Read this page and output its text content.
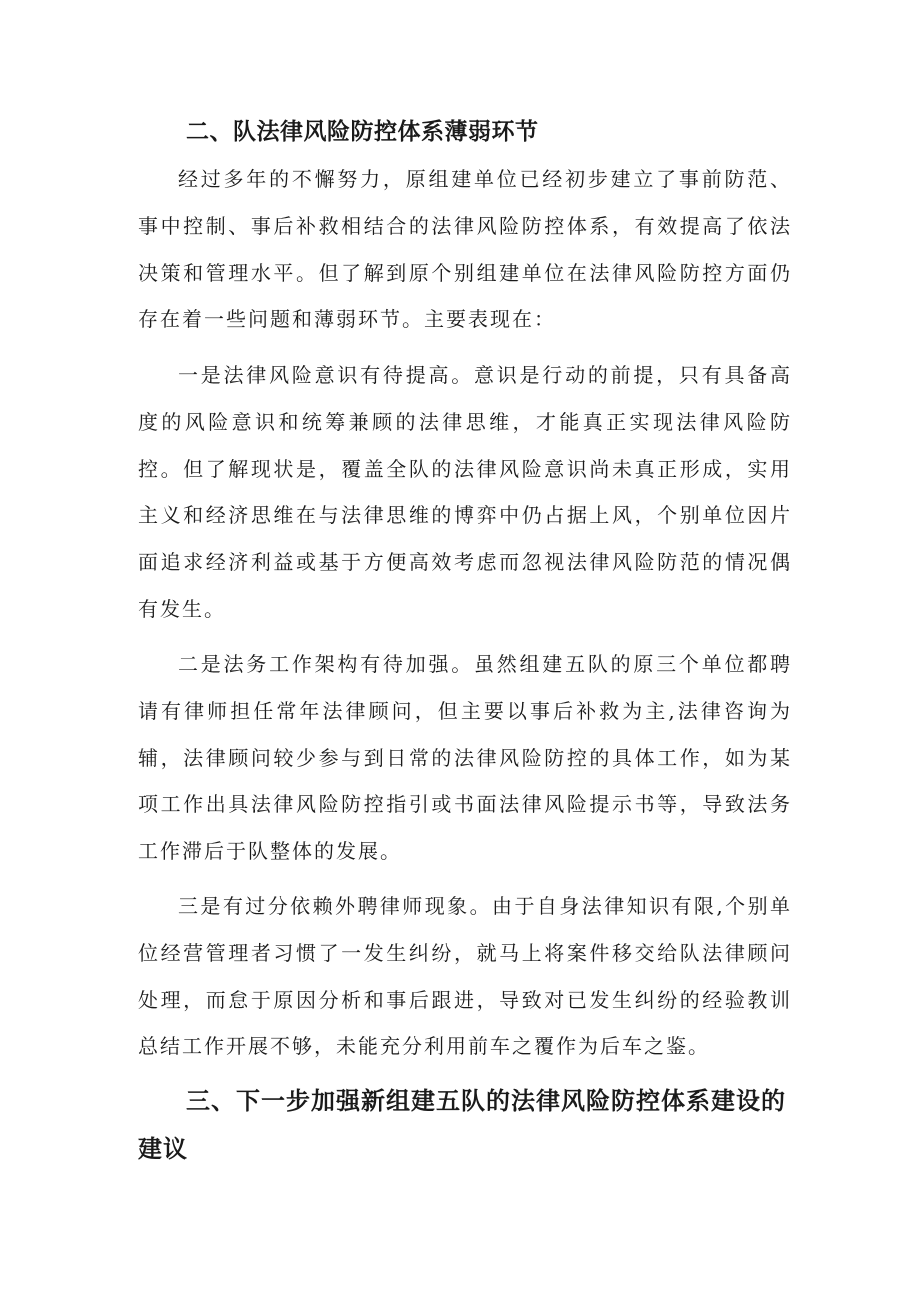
二、队法律风险防控体系薄弱环节

经过多年的不懈努力，原组建单位已经初步建立了事前防范、事中控制、事后补救相结合的法律风险防控体系，有效提高了依法决策和管理水平。但了解到原个别组建单位在法律风险防控方面仍存在着一些问题和薄弱环节。主要表现在：

一是法律风险意识有待提高。意识是行动的前提，只有具备高度的风险意识和统筹兼顾的法律思维，才能真正实现法律风险防控。但了解现状是，覆盖全队的法律风险意识尚未真正形成，实用主义和经济思维在与法律思维的博弈中仍占据上风，个别单位因片面追求经济利益或基于方便高效考虑而忽视法律风险防范的情况偶有发生。

二是法务工作架构有待加强。虽然组建五队的原三个单位都聘请有律师担任常年法律顾问，但主要以事后补救为主,法律咨询为辅，法律顾问较少参与到日常的法律风险防控的具体工作，如为某项工作出具法律风险防控指引或书面法律风险提示书等，导致法务工作滞后于队整体的发展。

三是有过分依赖外聘律师现象。由于自身法律知识有限,个别单位经营管理者习惯了一发生纠纷，就马上将案件移交给队法律顾问处理，而怠于原因分析和事后跟进，导致对已发生纠纷的经验教训总结工作开展不够，未能充分利用前车之覆作为后车之鉴。

三、下一步加强新组建五队的法律风险防控体系建设的建议
